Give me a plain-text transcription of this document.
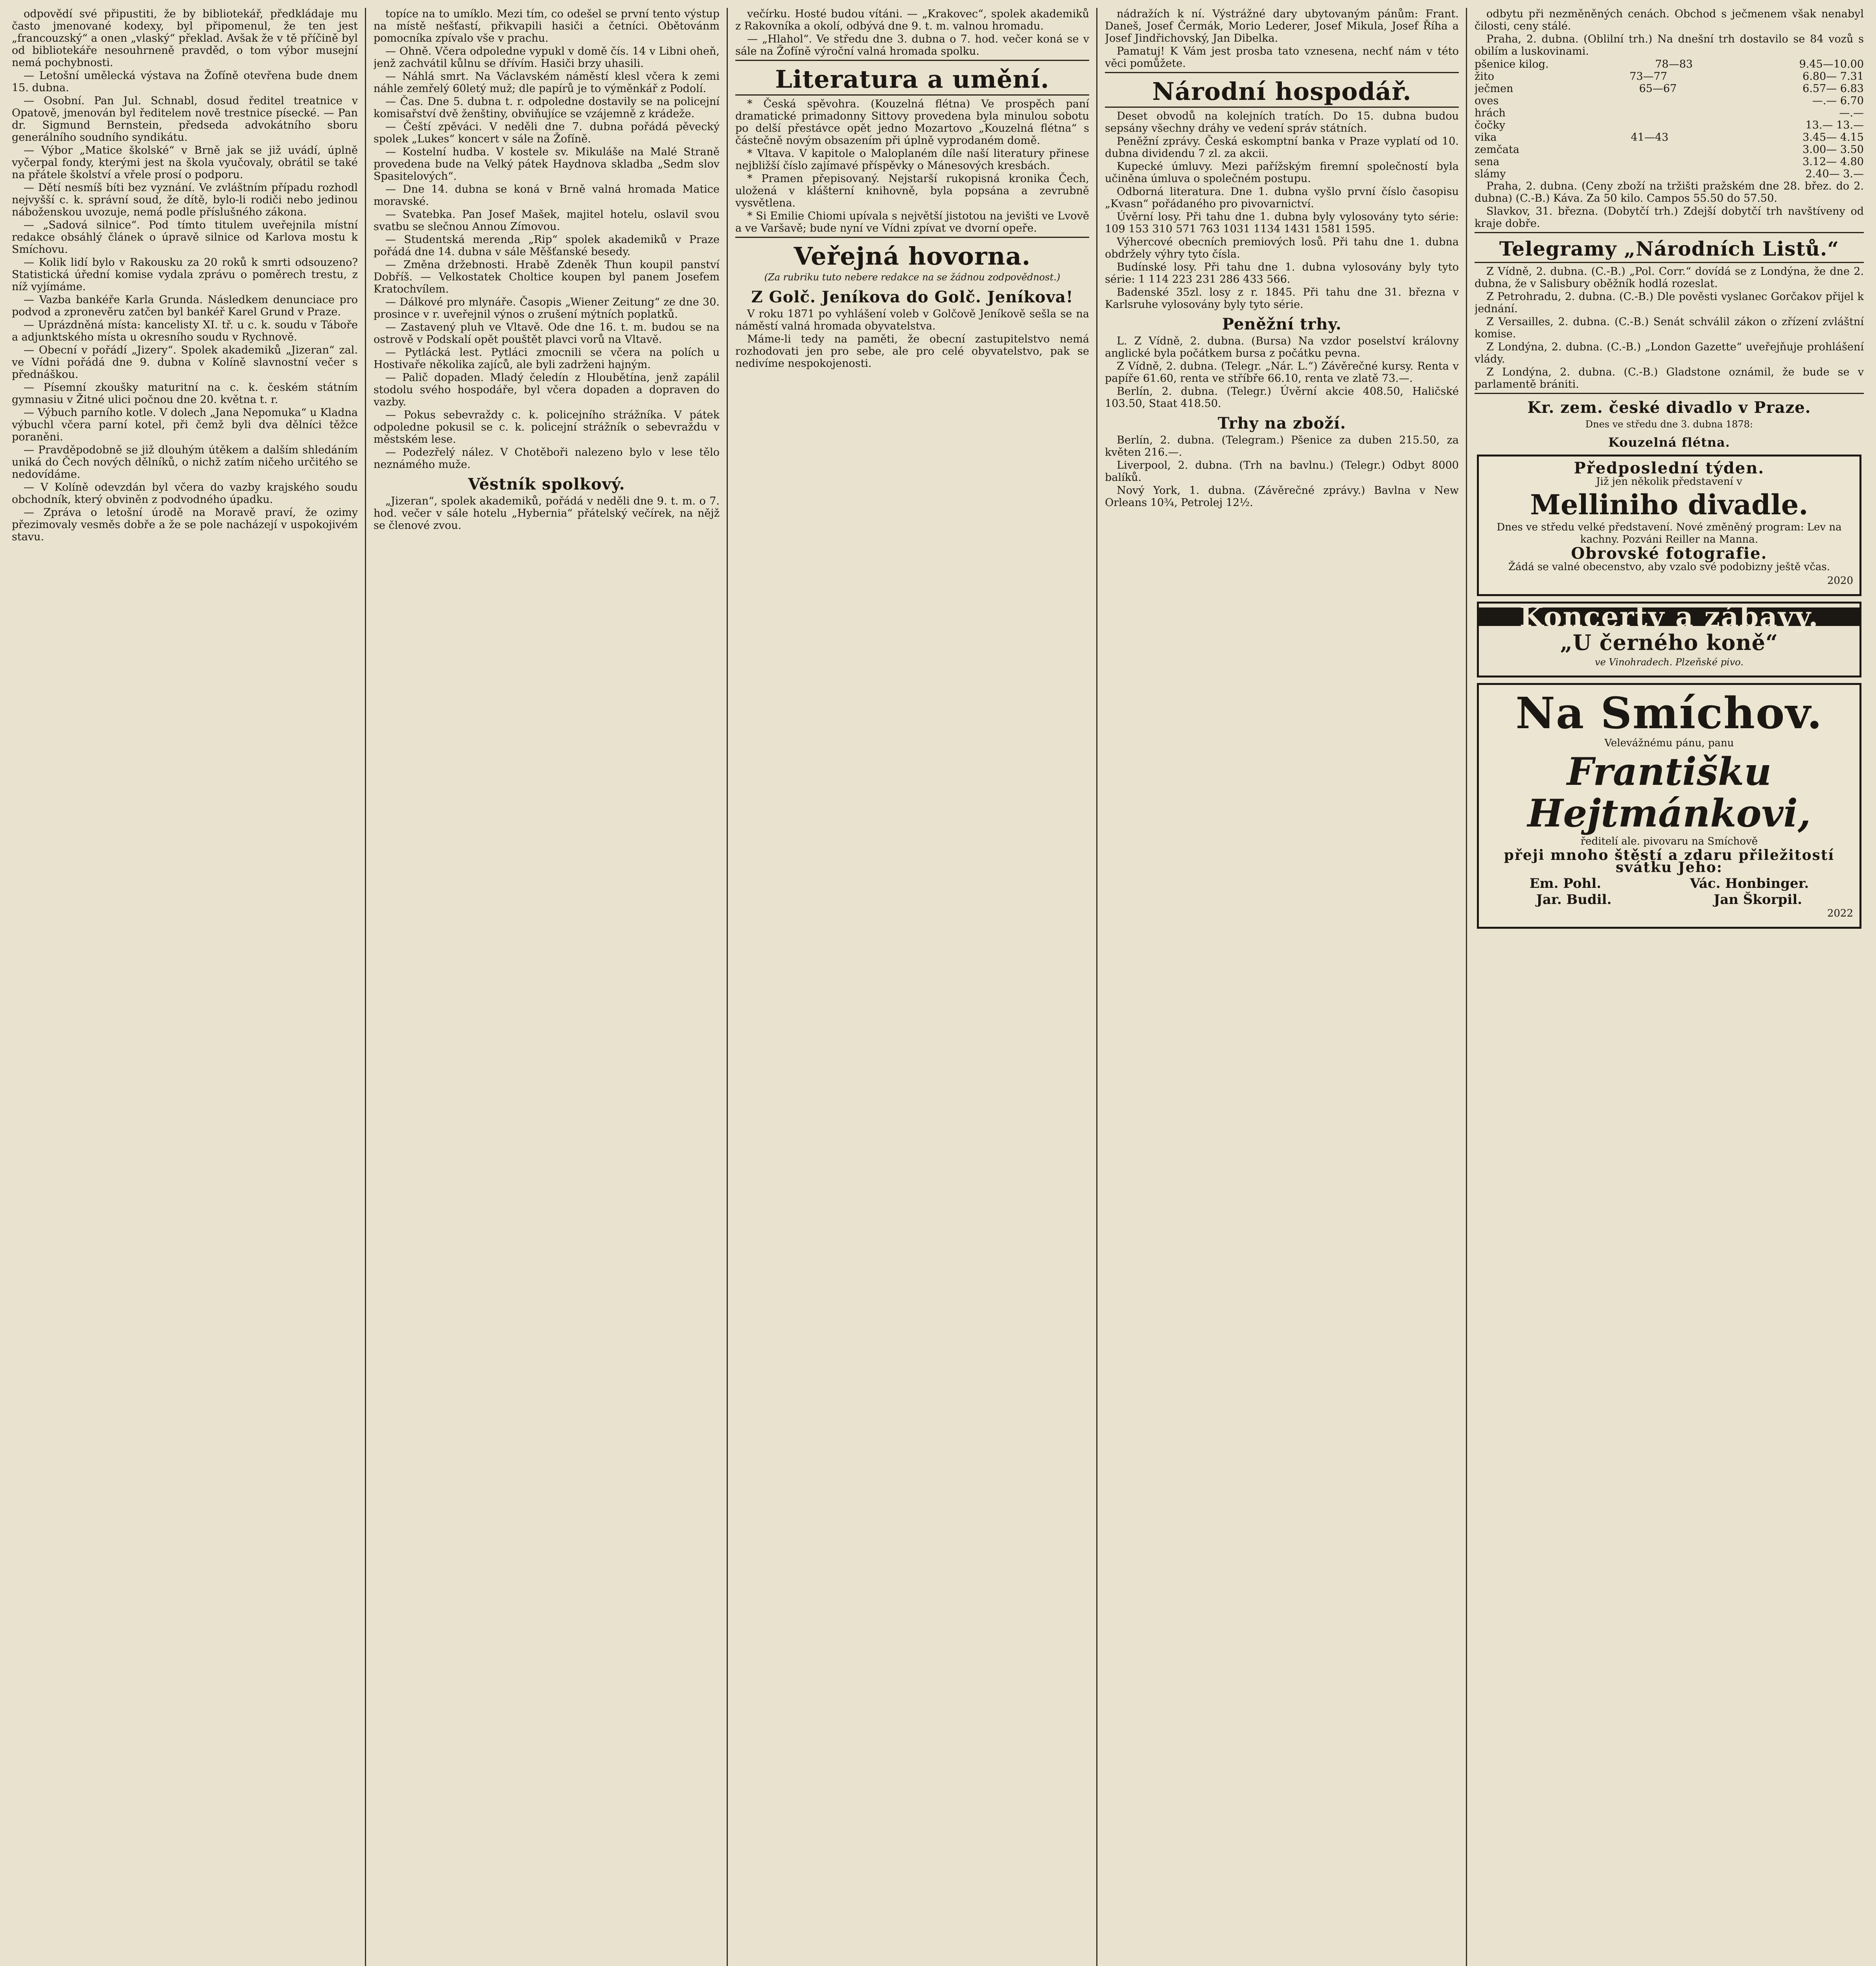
odpovědí své připustiti, že by bibliotekář, předkládaje mu často jmenované kodexy, byl připomenul, že ten jest „francouzský“ a onen „vlaský“ překlad. Avšak že v tě příčině byl od bibliotekáře nesouhrneně pravděd, o tom výbor musejní nemá pochybnosti.

— Letošní umělecká výstava na Žofíně otevřena bude dnem 15. dubna.

— Osobní. Pan Jul. Schnabl, dosud ředitel treatnice v Opatově, jmenován byl ředitelem nově trestnice písecké. — Pan dr. Sigmund Bernstein, předseda advokátního sboru generálního soudního syndikátu.

— Výbor „Matice školské“ v Brně jak se již uvádí, úplně vyčerpal fondy, kterými jest na škola vyučovaly, obrátil se také na přátele školství a vřele prosí o podporu.

— Dětí nesmíš bíti bez vyznání. Ve zvláštním případu rozhodl nejvyšší c. k. správní soud, že dítě, bylo-li rodiči nebo jedinou náboženskou uvozuje, nemá podle příslušného zákona.

— „Sadová silnice“. Pod tímto titulem uveřejnila místní redakce obsáhlý článek o úpravě silnice od Karlova mostu k Smíchovu.

— Kolik lidí bylo v Rakousku za 20 roků k smrti odsouzeno? Statistická úřední komise vydala zprávu o poměrech trestu, z níž vyjímáme.

— Vazba bankéře Karla Grunda. Následkem denunciace pro podvod a zpronevěru zatčen byl bankéř Karel Grund v Praze.

— Uprázdněná místa: kancelisty XI. tř. u c. k. soudu v Táboře a adjunktského místa u okresního soudu v Rychnově.

— Obecní v pořádí „Jizery“. Spolek akademiků „Jizeran“ zal. ve Vídni pořádá dne 9. dubna v Kolíně slavnostní večer s přednáškou.

— Písemní zkoušky maturitní na c. k. českém státním gymnasiu v Žitné ulici počnou dne 20. května t. r.

— Výbuch parního kotle. V dolech „Jana Nepomuka“ u Kladna výbuchl včera parní kotel, při čemž byli dva dělníci těžce poraněni.

— Pravděpodobně se již dlouhým útěkem a dalším shledáním uniká do Čech nových dělníků, o nichž zatím ničeho určitého se nedovídáme.

— V Kolíně odevzdán byl včera do vazby krajského soudu obchodník, který obviněn z podvodného úpadku.

— Zpráva o letošní úrodě na Moravě praví, že ozimy přezimovaly vesměs dobře a že se pole nacházejí v uspokojivém stavu.

topíce na to umíklo. Mezi tím, co odešel se první tento výstup na místě nešťastí, přikvapili hasiči a četníci. Obětovánm pomocníka zpívalo vše v prachu.

— Ohně. Včera odpoledne vypukl v domě čís. 14 v Libni oheň, jenž zachvátil kůlnu se dřívím. Hasiči brzy uhasili.

— Náhlá smrt. Na Václavském náměstí klesl včera k zemi náhle zemřelý 60letý muž; dle papírů je to výměnkář z Podolí.

— Čas. Dne 5. dubna t. r. odpoledne dostavily se na policejní komisařství dvě ženštiny, obviňujíce se vzájemně z krádeže.

— Čeští zpěváci. V neděli dne 7. dubna pořádá pěvecký spolek „Lukes“ koncert v sále na Žofíně.

— Kostelní hudba. V kostele sv. Mikuláše na Malé Straně provedena bude na Velký pátek Haydnova skladba „Sedm slov Spasitelových“.

— Dne 14. dubna se koná v Brně valná hromada Matice moravské.

— Svatebka. Pan Josef Mašek, majitel hotelu, oslavil svou svatbu se slečnou Annou Zímovou.

— Studentská merenda „Rip“ spolek akademiků v Praze pořádá dne 14. dubna v sále Měšťanské besedy.

— Změna držebnosti. Hrabě Zdeněk Thun koupil panství Dobříš. — Velkostatek Choltice koupen byl panem Josefem Kratochvílem.

— Dálkové pro mlynáře. Časopis „Wiener Zeitung“ ze dne 30. prosince v r. uveřejnil výnos o zrušení mýtních poplatků.

— Zastavený pluh ve Vltavě. Ode dne 16. t. m. budou se na ostrově v Podskalí opět pouštět plavci vorů na Vltavě.

— Pytlácká lest. Pytláci zmocnili se včera na polích u Hostivaře několika zajíců, ale byli zadrženi hajným.

— Palič dopaden. Mladý čeledín z Hloubětína, jenž zapálil stodolu svého hospodáře, byl včera dopaden a dopraven do vazby.

— Pokus sebevraždy c. k. policejního strážníka. V pátek odpoledne pokusil se c. k. policejní strážník o sebevraždu v městském lese.

— Podezřelý nález. V Chotěboři nalezeno bylo v lese tělo neznámého muže.

Věstník spolkový.

„Jizeran“, spolek akademiků, pořádá v neděli dne 9. t. m. o 7. hod. večer v sále hotelu „Hybernia“ přátelský večírek, na nějž se členové zvou.

večírku. Hosté budou vítáni. — „Krakovec“, spolek akademiků z Rakovníka a okolí, odbývá dne 9. t. m. valnou hromadu.

— „Hlahol“. Ve středu dne 3. dubna o 7. hod. večer koná se v sále na Žofíně výroční valná hromada spolku.

Literatura a umění.

* Česká spěvohra. (Kouzelná flétna) Ve prospěch paní dramatické primadonny Sittovy provedena byla minulou sobotu po delší přestávce opět jedno Mozartovo „Kouzelná flétna“ s částečně novým obsazením při úplně vyprodaném domě.

* Vltava. V kapitole o Maloplaném díle naší literatury přinese nejbližší číslo zajímavé příspěvky o Mánesových kresbách.

* Pramen přepisovaný. Nejstarší rukopisná kronika Čech, uložená v klášterní knihovně, byla popsána a zevrubně vysvětlena.

* Si Emilie Chiomi upívala s největší jistotou na jevišti ve Lvově a ve Varšavě; bude nyní ve Vídni zpívat ve dvorní opeře.

Veřejná hovorna.
(Za rubriku tuto nebere redakce na se žádnou zodpovědnost.)
Z Golč. Jeníkova do Golč. Jeníkova!

V roku 1871 po vyhlášení voleb v Golčově Jeníkově sešla se na náměstí valná hromada obyvatelstva.

Máme-li tedy na paměti, že obecní zastupitelstvo nemá rozhodovati jen pro sebe, ale pro celé obyvatelstvo, pak se nedivíme nespokojenosti.

nádražích k ní. Výstrážné dary ubytovaným pánům: Frant. Daneš, Josef Čermák, Morio Lederer, Josef Mikula, Josef Říha a Josef Jindřichovský, Jan Dibelka.

Pamatuj! K Vám jest prosba tato vznesena, nechť nám v této věci pomůžete.

Národní hospodář.

Deset obvodů na kolejních tratích. Do 15. dubna budou sepsány všechny dráhy ve vedení správ státních.

Peněžní zprávy. Česká eskomptní banka v Praze vyplatí od 10. dubna dividendu 7 zl. za akcii.

Kupecké úmluvy. Mezi pařížským firemní společností byla učiněna úmluva o společném postupu.

Odborná literatura. Dne 1. dubna vyšlo první číslo časopisu „Kvasn“ pořádaného pro pivovarnictví.

Úvěrní losy. Při tahu dne 1. dubna byly vylosovány tyto série: 109 153 310 571 763 1031 1134 1431 1581 1595.

Výhercové obecních premiových losů. Při tahu dne 1. dubna obdržely výhry tyto čísla.

Budínské losy. Při tahu dne 1. dubna vylosovány byly tyto série: 1 114 223 231 286 433 566.

Badenské 35zl. losy z r. 1845. Při tahu dne 31. března v Karlsruhe vylosovány byly tyto série.

Peněžní trhy.

L. Z Vídně, 2. dubna. (Bursa) Na vzdor poselství královny anglické byla počátkem bursa z počátku pevna.

Z Vídně, 2. dubna. (Telegr. „Nár. L.“) Závěrečné kursy. Renta v papíře 61.60, renta ve stříbře 66.10, renta ve zlatě 73.—.

Berlín, 2. dubna. (Telegr.) Úvěrní akcie 408.50, Haličské 103.50, Staat 418.50.

Trhy na zboží.

Berlín, 2. dubna. (Telegram.) Pšenice za duben 215.50, za květen 216.—.

Liverpool, 2. dubna. (Trh na bavlnu.) (Telegr.) Odbyt 8000 balíků.

Nový York, 1. dubna. (Závěrečné zprávy.) Bavlna v New Orleans 10¾, Petrolej 12½.

odbytu při nezměněných cenách. Obchod s ječmenem však nenabyl čilosti, ceny stálé.

Praha, 2. dubna. (Oblilní trh.) Na dnešní trh dostavilo se 84 vozů s obilím a luskovinami.

pšenice kilog.	78—83	9.45—10.00
žito	73—77	6.80— 7.31
ječmen	65—67	6.57— 6.83
oves	—.— 6.70
hrách	—.—
čočky	13.— 13.—
vika	41—43	3.45— 4.15
zemčata	3.00— 3.50
sena	3.12— 4.80
slámy	2.40— 3.—

Praha, 2. dubna. (Ceny zboží na tržišti pražském dne 28. břez. do 2. dubna) (C.-B.) Káva. Za 50 kilo. Campos 55.50 do 57.50.

Slavkov, 31. března. (Dobytčí trh.) Zdejší dobytčí trh navštíveny od kraje dobře.

Telegramy „Národních Listů.“

Z Vídně, 2. dubna. (C.-B.) „Pol. Corr.“ dovídá se z Londýna, že dne 2. dubna, že v Salisbury oběžník hodlá rozeslat.

Z Petrohradu, 2. dubna. (C.-B.) Dle pověsti vyslanec Gorčakov přijel k jednání.

Z Versailles, 2. dubna. (C.-B.) Senát schválil zákon o zřízení zvláštní komise.

Z Londýna, 2. dubna. (C.-B.) „London Gazette“ uveřejňuje prohlášení vlády.

Z Londýna, 2. dubna. (C.-B.) Gladstone oznámil, že bude se v parlamentě brániti.

Kr. zem. české divadlo v Praze.
Dnes ve středu dne 3. dubna 1878:
Kouzelná flétna.
Předposlední týden.
Již jen několik představení v
Melliniho divadle.
Dnes ve středu velké představení. Nové změněný program: Lev na kachny. Pozváni Reiller na Manna.
Obrovské fotografie.
Žádá se valné obecenstvo, aby vzalo své podobizny ještě včas.
2020
Koncerty a zábavy.
„U černého koně“
ve Vinohradech. Plzeňské pivo.
Na Smíchov.
Velevážnému pánu, panu
Františku Hejtmánkovi,
ředitelí ale. pivovaru na Smíchově
přeji mnoho štěstí a zdaru přiležitostí svátku Jeho:
Em. Pohl.	Vác. Honbinger.
Jar. Budil.	Jan Škorpil.
2022
